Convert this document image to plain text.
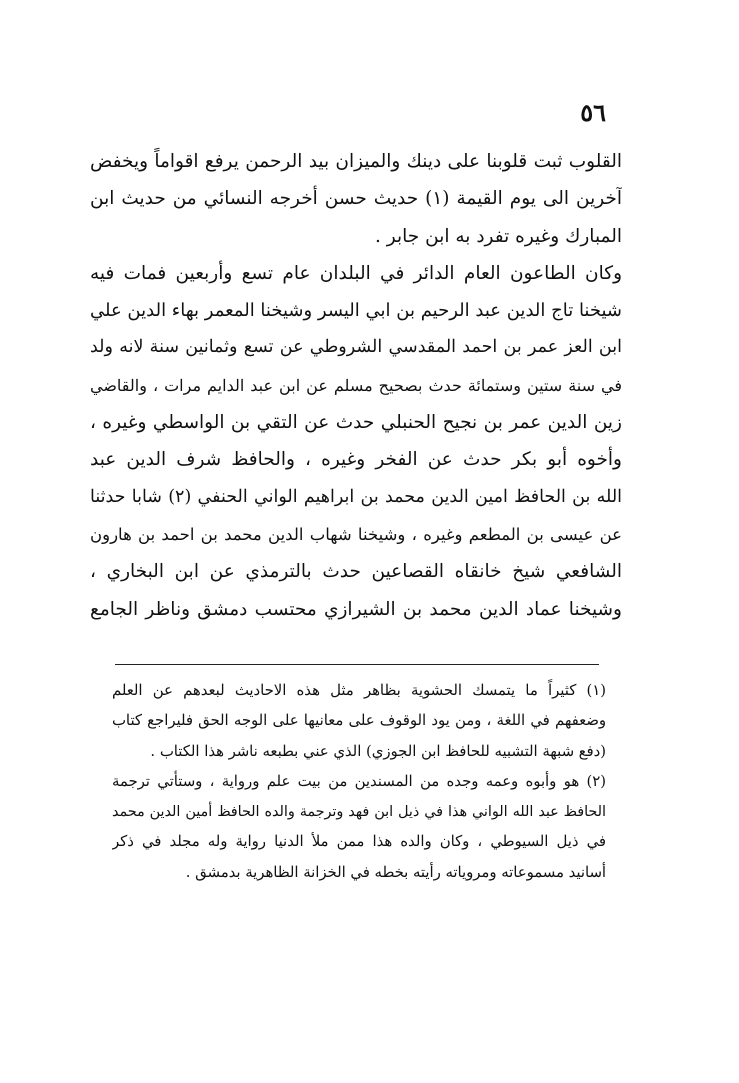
٥٦
القلوب ثبت قلوبنا على دينك والميزان بيد الرحمن يرفع اقواماً ويخفض
آخرين الى يوم القيمة (١) حديث حسن أخرجه النسائي من حديث ابن
المبارك وغيره تفرد به ابن جابر .
وكان الطاعون العام الدائر في البلدان عام تسع وأربعين فمات فيه
شيخنا تاج الدين عبد الرحيم بن ابي اليسر وشيخنا المعمر بهاء الدين علي
ابن العز عمر بن احمد المقدسي الشروطي عن تسع وثمانين سنة لانه ولد
في سنة ستين وستمائة حدث بصحيح مسلم عن ابن عبد الدايم مرات ، والقاضي
زين الدين عمر بن نجيح الحنبلي حدث عن التقي بن الواسطي وغيره ،
وأخوه أبو بكر حدث عن الفخر وغيره ، والحافظ شرف الدين عبد
الله بن الحافظ امين الدين محمد بن ابراهيم الواني الحنفي (٢) شابا حدثنا
عن عيسى بن المطعم وغيره ، وشيخنا شهاب الدين محمد بن احمد بن هارون
الشافعي شيخ خانقاه القصاعين حدث بالترمذي عن ابن البخاري ،
وشيخنا عماد الدين محمد بن الشيرازي محتسب دمشق وناظر الجامع
(١) كثيراً ما يتمسك الحشوية بظاهر مثل هذه الاحاديث لبعدهم عن العلم
وضعفهم في اللغة ، ومن يود الوقوف على معانيها على الوجه الحق فليراجع كتاب
(دفع شبهة التشبيه للحافظ ابن الجوزي) الذي عني بطبعه ناشر هذا الكتاب .
(٢) هو وأبوه وعمه وجده من المسندين من بيت علم ورواية ، وستأتي ترجمة
الحافظ عبد الله الواني هذا في ذيل ابن فهد وترجمة والده الحافظ أمين الدين محمد
في ذيل السيوطي ، وكان والده هذا ممن ملأ الدنيا رواية وله مجلد في ذكر
أسانيد مسموعاته ومروياته رأيته بخطه في الخزانة الظاهرية بدمشق .
